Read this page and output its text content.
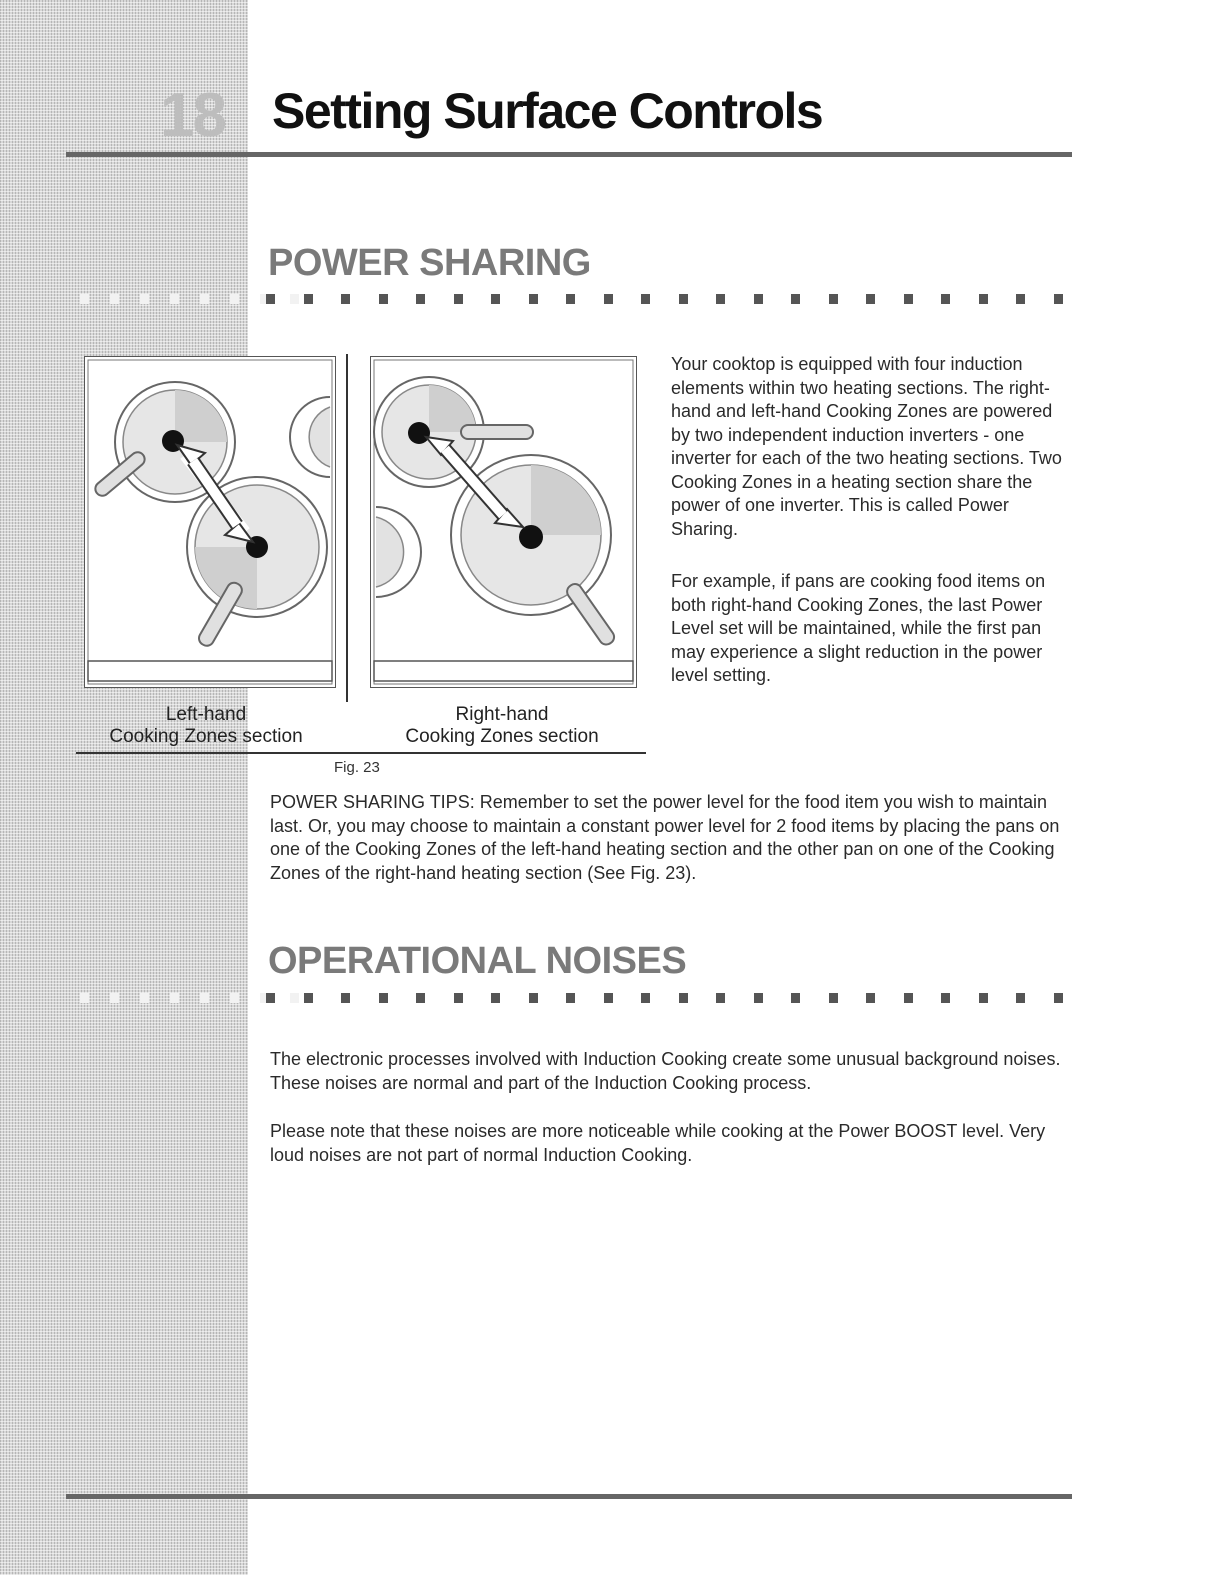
18 Setting Surface Controls
POWER SHARING
Left-hand
Cooking Zones section
Right-hand
Cooking Zones section
Fig. 23
Your cooktop is equipped with four induction elements within two heating sections. The right-hand and left-hand Cooking Zones are powered by two independent induction inverters - one inverter for each of the two heating sections. Two Cooking Zones in a heating section share the power of one inverter. This is called Power Sharing.
For example, if pans are cooking food items on both right-hand Cooking Zones, the last Power Level set will be maintained, while the first pan may experience a slight reduction in the power level setting.
POWER SHARING TIPS: Remember to set the power level for the food item you wish to maintain last. Or, you may choose to maintain a constant power level for 2 food items by placing the pans on one of the Cooking Zones of the left-hand heating section and the other pan on one of the Cooking Zones of the right-hand heating section (See Fig. 23).
OPERATIONAL NOISES
The electronic processes involved with Induction Cooking create some unusual background noises. These noises are normal and part of the Induction Cooking process.
Please note that these noises are more noticeable while cooking at the Power BOOST level. Very loud noises are not part of normal Induction Cooking.
